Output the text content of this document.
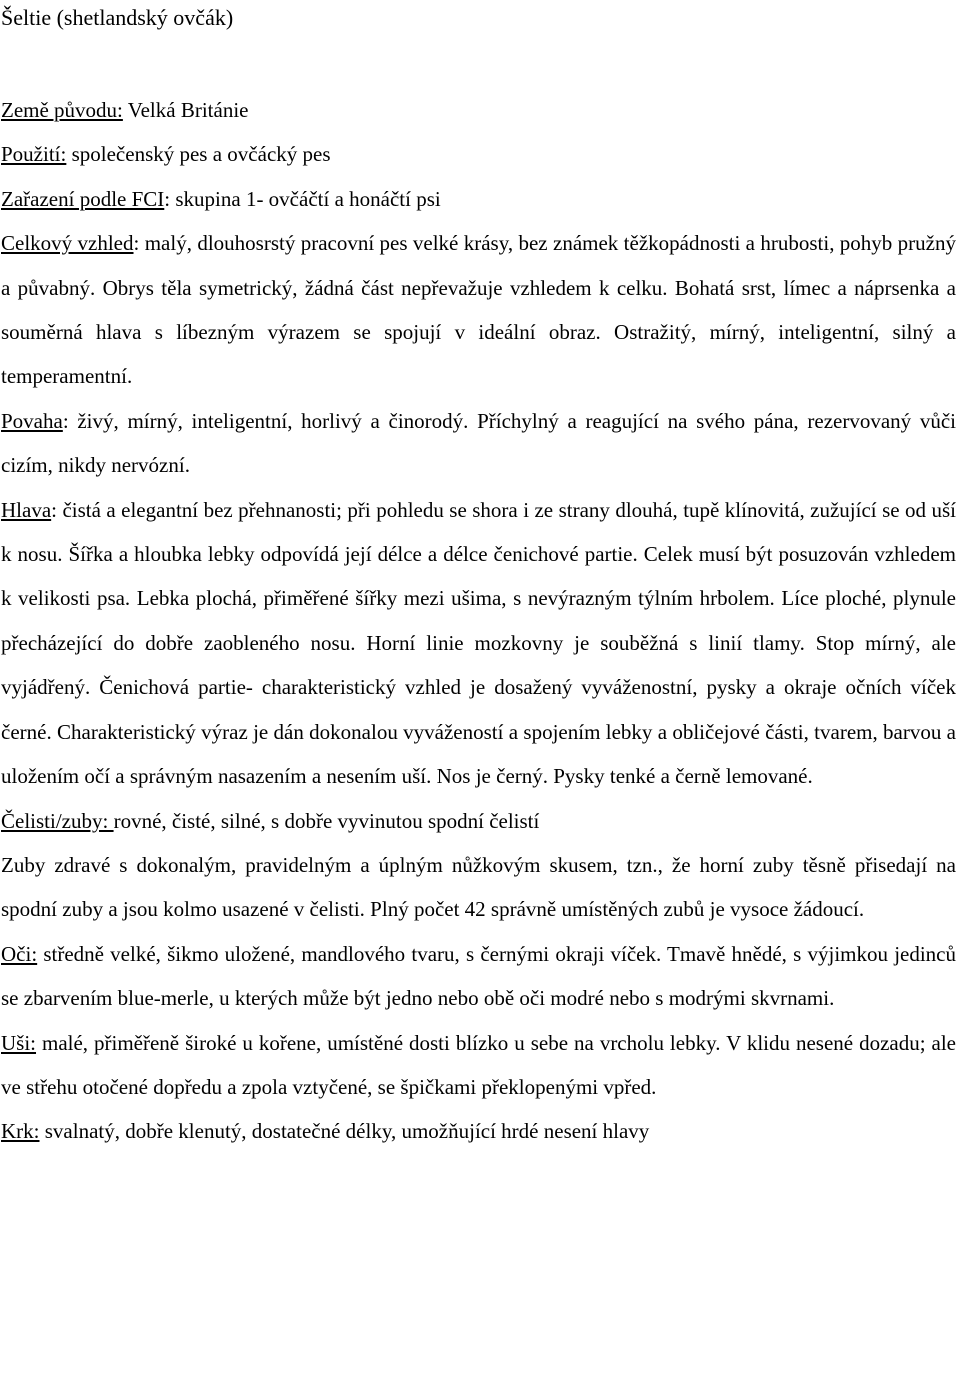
Šeltie (shetlandský ovčák)

Země původu: Velká Británie

Použití: společenský pes a ovčácký pes

Zařazení podle FCI: skupina 1- ovčáčtí a honáčtí psi

Celkový vzhled: malý, dlouhosrstý pracovní pes velké krásy, bez známek těžkopádnosti a hrubosti, pohyb pružný a půvabný. Obrys těla symetrický, žádná část nepřevažuje vzhledem k celku. Bohatá srst, límec a náprsenka a souměrná hlava s líbezným výrazem se spojují v ideální obraz. Ostražitý, mírný, inteligentní, silný a temperamentní.

Povaha: živý, mírný, inteligentní, horlivý a činorodý. Příchylný a reagující na svého pána, rezervovaný vůči cizím, nikdy nervózní.

Hlava: čistá a elegantní bez přehnanosti; při pohledu se shora i ze strany dlouhá, tupě klínovitá, zužující se od uší k nosu. Šířka a hloubka lebky odpovídá její délce a délce čenichové partie. Celek musí být posuzován vzhledem k velikosti psa. Lebka plochá, přiměřené šířky mezi ušima, s nevýrazným týlním hrbolem. Líce ploché, plynule přecházející do dobře zaobleného nosu. Horní linie mozkovny je souběžná s linií tlamy. Stop mírný, ale vyjádřený. Čenichová partie- charakteristický vzhled je dosažený vyváženostní, pysky a okraje očních víček černé. Charakteristický výraz je dán dokonalou vyvážeností a spojením lebky a obličejové části, tvarem, barvou a uložením očí a správným nasazením a nesením uší. Nos je černý. Pysky tenké a černě lemované.

Čelisti/zuby: rovné, čisté, silné, s dobře vyvinutou spodní čelistí

Zuby zdravé s dokonalým, pravidelným a úplným nůžkovým skusem, tzn., že horní zuby těsně přisedají na spodní zuby a jsou kolmo usazené v čelisti. Plný počet 42 správně umístěných zubů je vysoce žádoucí.

Oči: středně velké, šikmo uložené, mandlového tvaru, s černými okraji víček. Tmavě hnědé, s výjimkou jedinců se zbarvením blue-merle, u kterých může být jedno nebo obě oči modré nebo s modrými skvrnami.

Uši: malé, přiměřeně široké u kořene, umístěné dosti blízko u sebe na vrcholu lebky. V klidu nesené dozadu; ale ve střehu otočené dopředu a zpola vztyčené, se špičkami překlopenými vpřed.

Krk: svalnatý, dobře klenutý, dostatečné délky, umožňující hrdé nesení hlavy
